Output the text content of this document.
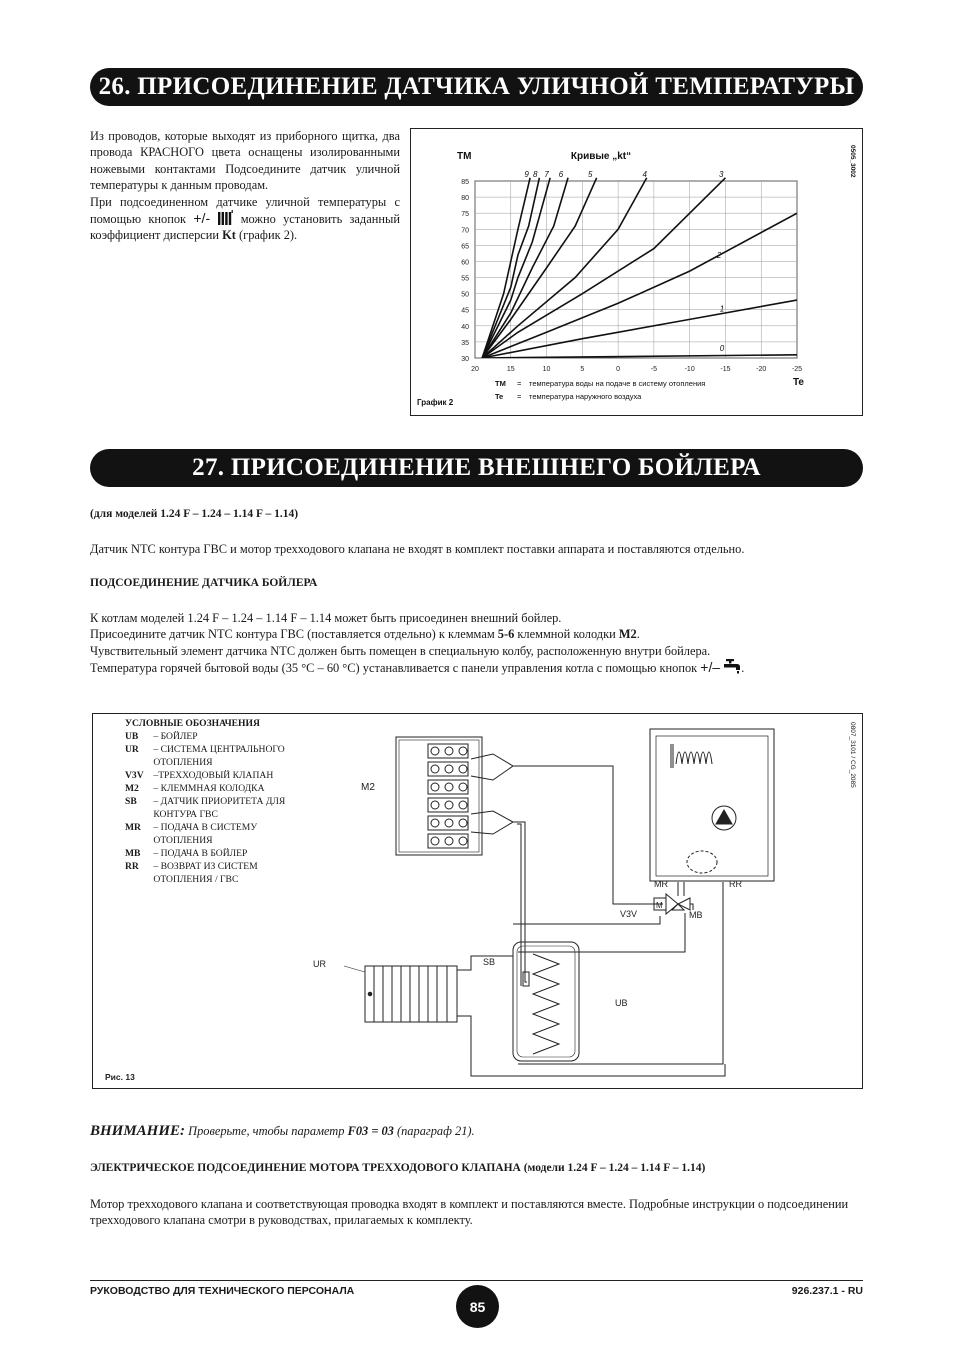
26. ПРИСОЕДИНЕНИЕ ДАТЧИКА УЛИЧНОЙ ТЕМПЕРАТУРЫ
Из проводов, которые выходят из приборного щитка, два провода КРАСНОГО цвета оснащены изолированными ножевыми контактами Подсоедините датчик уличной температуры к данным проводам.
При подсоединенном датчике уличной температуры с помощью кнопок +/- можно установить заданный коэффициент дисперсии Kt (график 2).
30
35
40
45
50
55
60
65
70
75
80
85
20	15	10	5	0	-5	-10	-15	-20	-25
9 8 7 6	5	4	3
2
1
0
TM	Кривые „kt“
Te
0505_3002
График 2
TM = температура воды на подаче в систему отопления
Te = температура наружного воздуха
27. ПРИСОЕДИНЕНИЕ ВНЕШНЕГО БОЙЛЕРА
(для моделей 1.24 F – 1.24 – 1.14 F – 1.14)
Датчик NTC контура ГВС и мотор трехходового клапана не входят в комплект поставки аппарата и поставляются отдельно.
ПОДСОЕДИНЕНИЕ ДАТЧИКА БОЙЛЕРА
К котлам моделей 1.24 F – 1.24 – 1.14 F – 1.14 может быть присоединен внешний бойлер.
Присоедините датчик NTC контура ГВС (поставляется отдельно) к клеммам 5-6 клеммной колодки M2.
Чувствительный элемент датчика NTC должен быть помещен в специальную колбу, расположенную внутри бойлера.
Температура горячей бытовой воды (35 °C – 60 °C) устанавливается с панели управления котла с помощью кнопок +/– .
УСЛОВНЫЕ ОБОЗНАЧЕНИЯ
UB – БОЙЛЕР
UR – СИСТЕМА ЦЕНТРАЛЬНОГО
ОТОПЛЕНИЯ
V3V –ТРЕХХОДОВЫЙ КЛАПАН
M2 – КЛЕММНАЯ КОЛОДКА
SB – ДАТЧИК ПРИОРИТЕТА ДЛЯ
КОНТУРА ГВС
MR – ПОДАЧА В СИСТЕМУ
ОТОПЛЕНИЯ
MB – ПОДАЧА В БОЙЛЕР
RR – ВОЗВРАТ ИЗ СИСТЕМ
ОТОПЛЕНИЯ / ГВС
M2
MR	RR
V3V	MB
M
UR	SB
UB
0807_3101 / CG_2085
Рис. 13
ВНИМАНИЕ: Проверьте, чтобы параметр F03 = 03 (параграф 21).
ЭЛЕКТРИЧЕСКОЕ ПОДСОЕДИНЕНИЕ МОТОРА ТРЕХХОДОВОГО КЛАПАНА (модели 1.24 F – 1.24 – 1.14 F – 1.14)
Мотор трехходового клапана и соответствующая проводка входят в комплект и поставляются вместе. Подробные инструкции о подсоединении трехходового клапана смотри в руководствах, прилагаемых к комплекту.
РУКОВОДСТВО ДЛЯ ТЕХНИЧЕСКОГО ПЕРСОНАЛА
85
926.237.1 - RU
